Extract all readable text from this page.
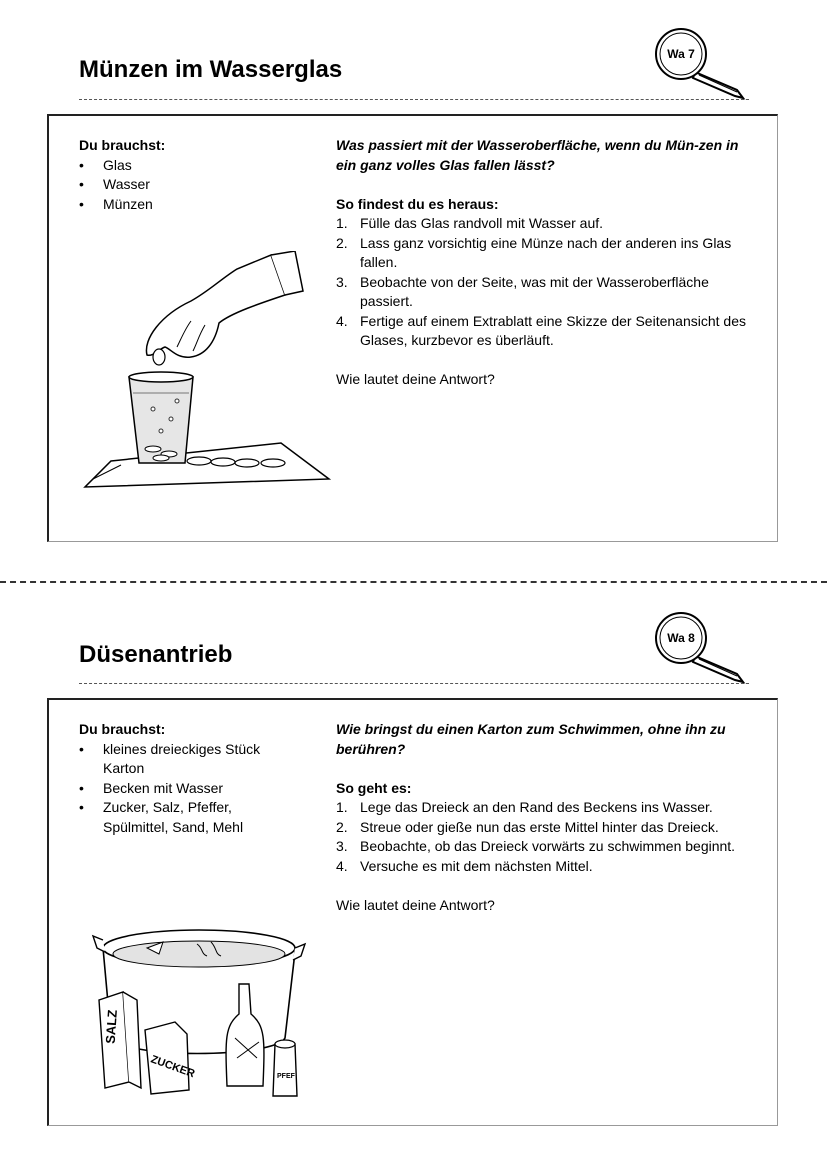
Münzen im Wasserglas
Wa 7
Du brauchst:
• Glas
• Wasser
• Münzen
Was passiert mit der Wasseroberfläche, wenn du Mün-zen in ein ganz volles Glas fallen lässt?
So findest du es heraus:
1. Fülle das Glas randvoll mit Wasser auf.
2. Lass ganz vorsichtig eine Münze nach der anderen ins Glas fallen.
3. Beobachte von der Seite, was mit der Wasseroberfläche passiert.
4. Fertige auf einem Extrablatt eine Skizze der Seitenansicht des Glases, kurzbevor es überläuft.
Wie lautet deine Antwort?
Düsenantrieb
Wa 8
Du brauchst:
• kleines dreieckiges Stück Karton
• Becken mit Wasser
• Zucker, Salz, Pfeffer, Spülmittel, Sand, Mehl
Wie bringst du einen Karton zum Schwimmen, ohne ihn zu berühren?
So geht es:
1. Lege das Dreieck an den Rand des Beckens ins Wasser.
2. Streue oder gieße nun das erste Mittel hinter das Dreieck.
3. Beobachte, ob das Dreieck vorwärts zu schwimmen beginnt.
4. Versuche es mit dem nächsten Mittel.
Wie lautet deine Antwort?
SALZ
ZUCKER	PFEF
